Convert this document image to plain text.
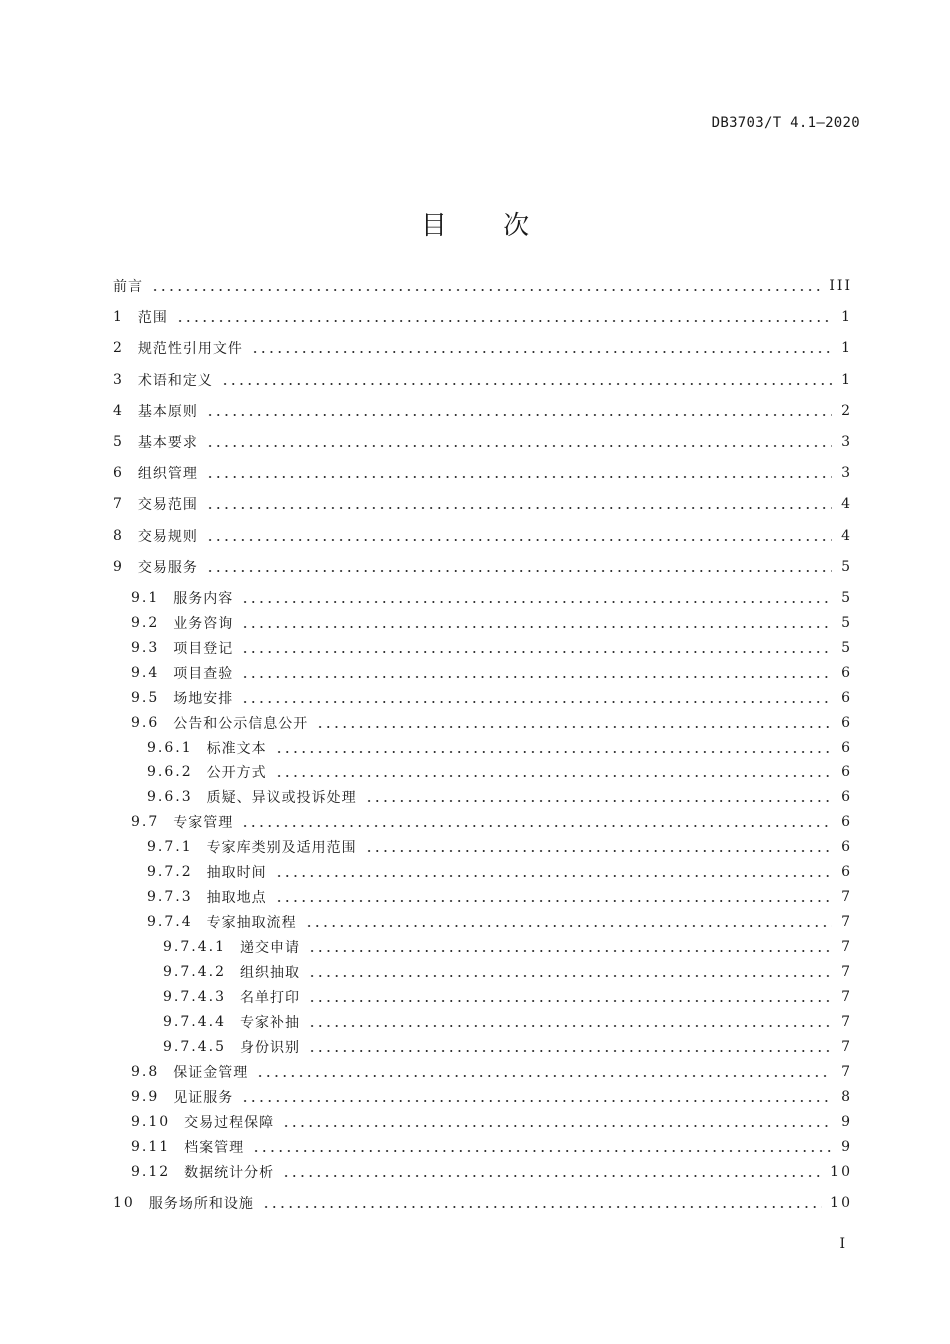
DB3703/T 4.1—2020
目 次
前言	III
1 范围	1
2 规范性引用文件	1
3 术语和定义	1
4 基本原则	2
5 基本要求	3
6 组织管理	3
7 交易范围	4
8 交易规则	4
9 交易服务	5
9.1 服务内容	5
9.2 业务咨询	5
9.3 项目登记	5
9.4 项目查验	6
9.5 场地安排	6
9.6 公告和公示信息公开	6
9.6.1 标准文本	6
9.6.2 公开方式	6
9.6.3 质疑、异议或投诉处理	6
9.7 专家管理	6
9.7.1 专家库类别及适用范围	6
9.7.2 抽取时间	6
9.7.3 抽取地点	7
9.7.4 专家抽取流程	7
9.7.4.1 递交申请	7
9.7.4.2 组织抽取	7
9.7.4.3 名单打印	7
9.7.4.4 专家补抽	7
9.7.4.5 身份识别	7
9.8 保证金管理	7
9.9 见证服务	8
9.10 交易过程保障	9
9.11 档案管理	9
9.12 数据统计分析	10
10 服务场所和设施	10
I
